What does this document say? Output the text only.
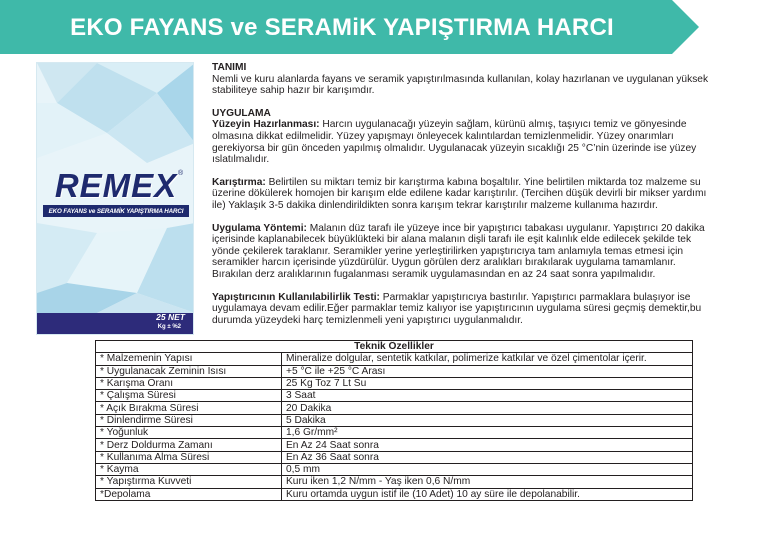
EKO FAYANS ve SERAMiK YAPIŞTIRMA HARCI
REMEX ®
EKO FAYANS ve SERAMİK YAPIŞTIRMA HARCI
25 NET
Kg ± %2
TANIMI

Nemli ve kuru alanlarda fayans ve seramik yapıştırılmasında kullanılan, kolay hazırlanan ve uygulanan yüksek stabiliteye sahip hazır bir karışımdır.

UYGULAMA

Yüzeyin Hazırlanması: Harcın uygulanacağı yüzeyin sağlam, kürünü almış, taşıyıcı temiz ve gönyesinde olmasına dikkat edilmelidir. Yüzey yapışmayı önleyecek kalıntılardan temizlenmelidir. Yüzey onarımları gerekiyorsa bir gün önceden yapılmış olmalıdır. Uygulanacak yüzeyin sıcaklığı 25 °C’nin üzerinde ise yüzey ıslatılmalıdır.

Karıştırma: Belirtilen su miktarı temiz bir karıştırma kabına boşaltılır. Yine belirtilen miktarda toz malzeme su üzerine dökülerek homojen bir karışım elde edilene kadar karıştırılır. (Tercihen düşük devirli bir mikser yardımı ile) Yaklaşık 3-5 dakika dinlendirildikten sonra karışım tekrar karıştırılır malzeme kullanıma hazırdır.

Uygulama Yöntemi: Malanın düz tarafı ile yüzeye ince bir yapıştırıcı tabakası uygulanır. Yapıştırıcı 20 dakika içerisinde kaplanabilecek büyüklükteki bir alana malanın dişli tarafı ile eşit kalınlık elde edilecek şekilde tek yönde çekilerek taraklanır. Seramikler yerine yerleştirilirken yapıştırıcıya tam anlamıyla temas etmesi için seramikler harcın içerisinde yüzdürülür. Uygun görülen derz aralıkları bırakılarak uygulama tamamlanır. Bırakılan derz aralıklarının fugalanması seramik uygulamasından en az 24 saat sonra yapılmalıdır.

Yapıştırıcının Kullanılabilirlik Testi: Parmaklar yapıştırıcıya bastırılır. Yapıştırıcı parmaklara bulaşıyor ise uygulamaya devam edilir.Eğer parmaklar temiz kalıyor ise yapıştırıcının uygulama süresi geçmiş demektir,bu durumda yüzeydeki harç temizlenmeli yeni yapıştırıcı uygulanmalıdır.

Teknik Özellikler	
* Malzemenin Yapısı	Mineralize dolgular, sentetik katkılar, polimerize katkılar ve özel çimentolar içerir.
* Uygulanacak Zeminin Isısı	+5 °C ile +25 °C Arası
* Karışma Oranı	25 Kg Toz 7 Lt Su
* Çalışma Süresi	3 Saat
* Açık Bırakma Süresi	20 Dakika
* Dinlendirme Süresi	5 Dakika
* Yoğunluk	1,6 Gr/mm²
* Derz Doldurma Zamanı	En Az 24 Saat sonra
* Kullanıma Alma Süresi	En Az 36 Saat sonra
* Kayma	0,5 mm
* Yapıştırma Kuvveti	Kuru iken 1,2 N/mm - Yaş iken 0,6 N/mm
*Depolama	Kuru ortamda uygun istif ile (10 Adet) 10 ay süre ile depolanabilir.
